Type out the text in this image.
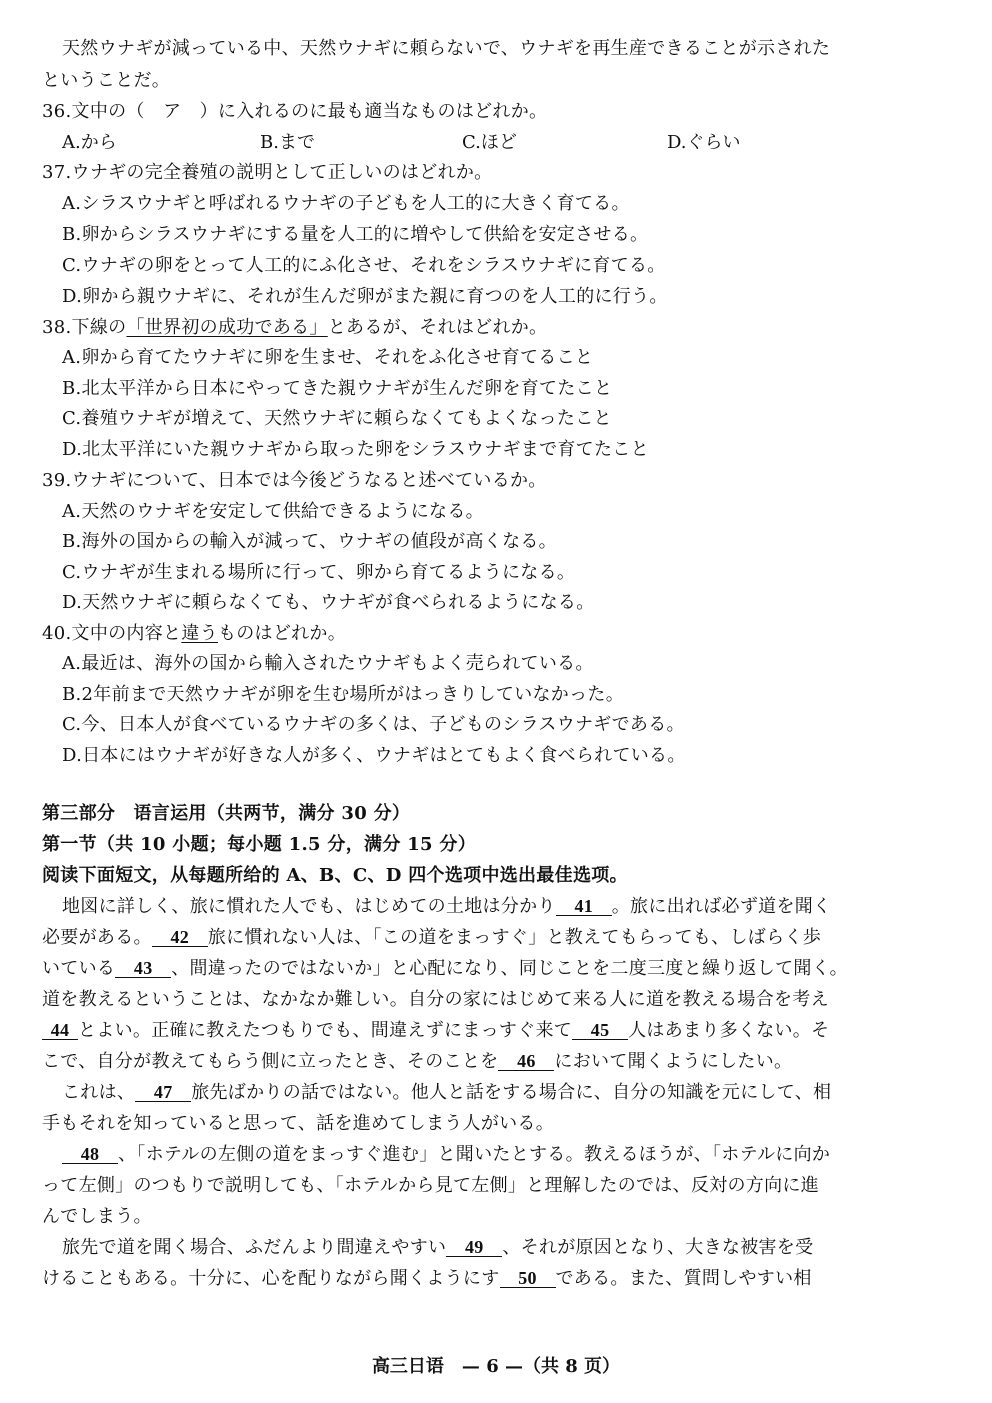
天然ウナギが減っている中、天然ウナギに頼らないで、ウナギを再生産できることが示された
ということだ。
36.文中の（　ア　）に入れるのに最も適当なものはどれか。
A.から	B.まで	C.ほど	D.ぐらい
37.ウナギの完全養殖の説明として正しいのはどれか。
A.シラスウナギと呼ばれるウナギの子どもを人工的に大きく育てる。
B.卵からシラスウナギにする量を人工的に増やして供給を安定させる。
C.ウナギの卵をとって人工的にふ化させ、それをシラスウナギに育てる。
D.卵から親ウナギに、それが生んだ卵がまた親に育つのを人工的に行う。
38.下線の「世界初の成功である」とあるが、それはどれか。
A.卵から育てたウナギに卵を生ませ、それをふ化させ育てること
B.北太平洋から日本にやってきた親ウナギが生んだ卵を育てたこと
C.養殖ウナギが増えて、天然ウナギに頼らなくてもよくなったこと
D.北太平洋にいた親ウナギから取った卵をシラスウナギまで育てたこと
39.ウナギについて、日本では今後どうなると述べているか。
A.天然のウナギを安定して供給できるようになる。
B.海外の国からの輸入が減って、ウナギの値段が高くなる。
C.ウナギが生まれる場所に行って、卵から育てるようになる。
D.天然ウナギに頼らなくても、ウナギが食べられるようになる。
40.文中の内容と違うものはどれか。
A.最近は、海外の国から輸入されたウナギもよく売られている。
B.2年前まで天然ウナギが卵を生む場所がはっきりしていなかった。
C.今、日本人が食べているウナギの多くは、子どものシラスウナギである。
D.日本にはウナギが好きな人が多く、ウナギはとてもよく食べられている。
第三部分　语言运用（共两节，满分 30 分）
第一节（共 10 小题；每小题 1.5 分，满分 15 分）
阅读下面短文，从每题所给的 A、B、C、D 四个选项中选出最佳选项。
地図に詳しく、旅に慣れた人でも、はじめての土地は分かり 41 。旅に出れば必ず道を聞く
必要がある。 42 旅に慣れない人は、「この道をまっすぐ」と教えてもらっても、しばらく歩
いている 43 、間違ったのではないか」と心配になり、同じことを二度三度と繰り返して聞く。
道を教えるということは、なかなか難しい。自分の家にはじめて来る人に道を教える場合を考え
44 とよい。正確に教えたつもりでも、間違えずにまっすぐ来て 45 人はあまり多くない。そ
こで、自分が教えてもらう側に立ったとき、そのことを 46 において聞くようにしたい。
これは、 47 旅先ばかりの話ではない。他人と話をする場合に、自分の知識を元にして、相
手もそれを知っていると思って、話を進めてしまう人がいる。
48 、「ホテルの左側の道をまっすぐ進む」と聞いたとする。教えるほうが、「ホテルに向か
って左側」のつもりで説明しても、「ホテルから見て左側」と理解したのでは、反対の方向に進
んでしまう。
旅先で道を聞く場合、ふだんより間違えやすい 49 、それが原因となり、大きな被害を受
けることもある。十分に、心を配りながら聞くようにす 50 である。また、質問しやすい相
高三日语　— 6 —（共 8 页）
